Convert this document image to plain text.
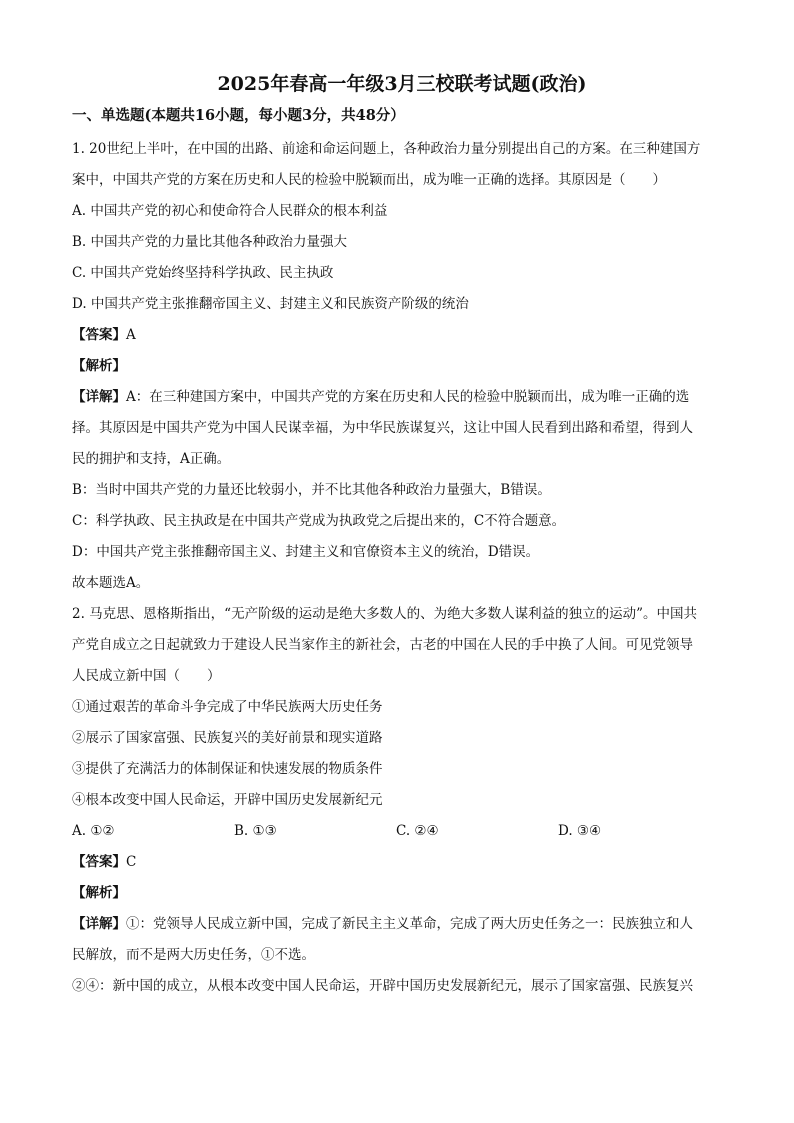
2025年春高一年级3月三校联考试题(政治)
一、单选题(本题共16小题，每小题3分，共48分）
1. 20世纪上半叶，在中国的出路、前途和命运问题上，各种政治力量分别提出自己的方案。在三种建国方
案中，中国共产党的方案在历史和人民的检验中脱颖而出，成为唯一正确的选择。其原因是（　　）
A. 中国共产党的初心和使命符合人民群众的根本利益
B. 中国共产党的力量比其他各种政治力量强大
C. 中国共产党始终坚持科学执政、民主执政
D. 中国共产党主张推翻帝国主义、封建主义和民族资产阶级的统治
【答案】A
【解析】
【详解】A：在三种建国方案中，中国共产党的方案在历史和人民的检验中脱颖而出，成为唯一正确的选
择。其原因是中国共产党为中国人民谋幸福，为中华民族谋复兴，这让中国人民看到出路和希望，得到人
民的拥护和支持，A正确。
B：当时中国共产党的力量还比较弱小，并不比其他各种政治力量强大，B错误。
C：科学执政、民主执政是在中国共产党成为执政党之后提出来的，C不符合题意。
D：中国共产党主张推翻帝国主义、封建主义和官僚资本主义的统治，D错误。
故本题选A。
2. 马克思、恩格斯指出，“无产阶级的运动是绝大多数人的、为绝大多数人谋利益的独立的运动”。中国共
产党自成立之日起就致力于建设人民当家作主的新社会，古老的中国在人民的手中换了人间。可见党领导
人民成立新中国（　　）
①通过艰苦的革命斗争完成了中华民族两大历史任务
②展示了国家富强、民族复兴的美好前景和现实道路
③提供了充满活力的体制保证和快速发展的物质条件
④根本改变中国人民命运，开辟中国历史发展新纪元
A. ①②	B. ①③	C. ②④	D. ③④
【答案】C
【解析】
【详解】①：党领导人民成立新中国，完成了新民主主义革命，完成了两大历史任务之一：民族独立和人
民解放，而不是两大历史任务，①不选。
②④：新中国的成立，从根本改变中国人民命运，开辟中国历史发展新纪元，展示了国家富强、民族复兴
